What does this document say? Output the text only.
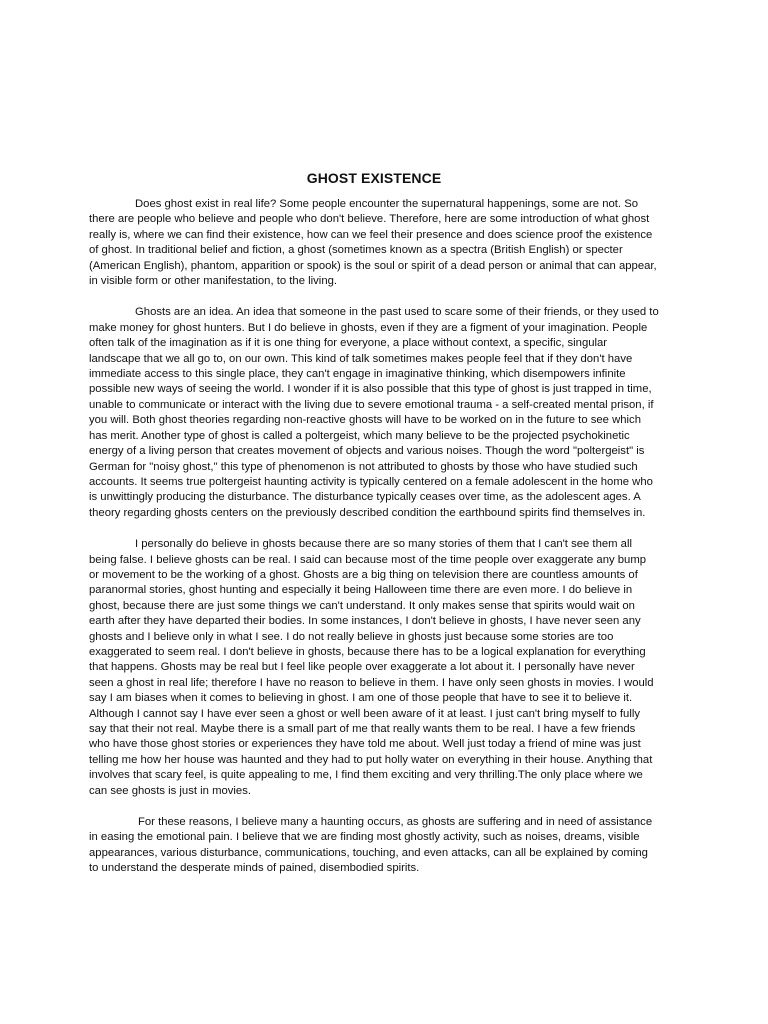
GHOST EXISTENCE

Does ghost exist in real life? Some people encounter the supernatural happenings, some are not. So there are people who believe and people who don't believe. Therefore, here are some introduction of what ghost really is, where we can find their existence, how can we feel their presence and does science proof the existence of ghost. In traditional belief and fiction, a ghost (sometimes known as a spectra (British English) or specter (American English), phantom, apparition or spook) is the soul or spirit of a dead person or animal that can appear, in visible form or other manifestation, to the living.

Ghosts are an idea. An idea that someone in the past used to scare some of their friends, or they used to make money for ghost hunters. But I do believe in ghosts, even if they are a figment of your imagination. People often talk of the imagination as if it is one thing for everyone, a place without context, a specific, singular landscape that we all go to, on our own. This kind of talk sometimes makes people feel that if they don't have immediate access to this single place, they can't engage in imaginative thinking, which disempowers infinite possible new ways of seeing the world. I wonder if it is also possible that this type of ghost is just trapped in time, unable to communicate or interact with the living due to severe emotional trauma - a self-created mental prison, if you will. Both ghost theories regarding non-reactive ghosts will have to be worked on in the future to see which has merit. Another type of ghost is called a poltergeist, which many believe to be the projected psychokinetic energy of a living person that creates movement of objects and various noises. Though the word "poltergeist" is German for "noisy ghost," this type of phenomenon is not attributed to ghosts by those who have studied such accounts. It seems true poltergeist haunting activity is typically centered on a female adolescent in the home who is unwittingly producing the disturbance. The disturbance typically ceases over time, as the adolescent ages. A theory regarding ghosts centers on the previously described condition the earthbound spirits find themselves in.

I personally do believe in ghosts because there are so many stories of them that I can't see them all being false. I believe ghosts can be real. I said can because most of the time people over exaggerate any bump or movement to be the working of a ghost. Ghosts are a big thing on television there are countless amounts of paranormal stories, ghost hunting and especially it being Halloween time there are even more. I do believe in ghost, because there are just some things we can't understand. It only makes sense that spirits would wait on earth after they have departed their bodies. In some instances, I don't believe in ghosts, I have never seen any ghosts and I believe only in what I see. I do not really believe in ghosts just because some stories are too exaggerated to seem real. I don't believe in ghosts, because there has to be a logical explanation for everything that happens. Ghosts may be real but I feel like people over exaggerate a lot about it. I personally have never seen a ghost in real life; therefore I have no reason to believe in them. I have only seen ghosts in movies. I would say I am biases when it comes to believing in ghost. I am one of those people that have to see it to believe it. Although I cannot say I have ever seen a ghost or well been aware of it at least. I just can't bring myself to fully say that their not real. Maybe there is a small part of me that really wants them to be real. I have a few friends who have those ghost stories or experiences they have told me about. Well just today a friend of mine was just telling me how her house was haunted and they had to put holly water on everything in their house. Anything that involves that scary feel, is quite appealing to me, I find them exciting and very thrilling.The only place where we can see ghosts is just in movies.

For these reasons, I believe many a haunting occurs, as ghosts are suffering and in need of assistance in easing the emotional pain. I believe that we are finding most ghostly activity, such as noises, dreams, visible appearances, various disturbance, communications, touching, and even attacks, can all be explained by coming to understand the desperate minds of pained, disembodied spirits.
